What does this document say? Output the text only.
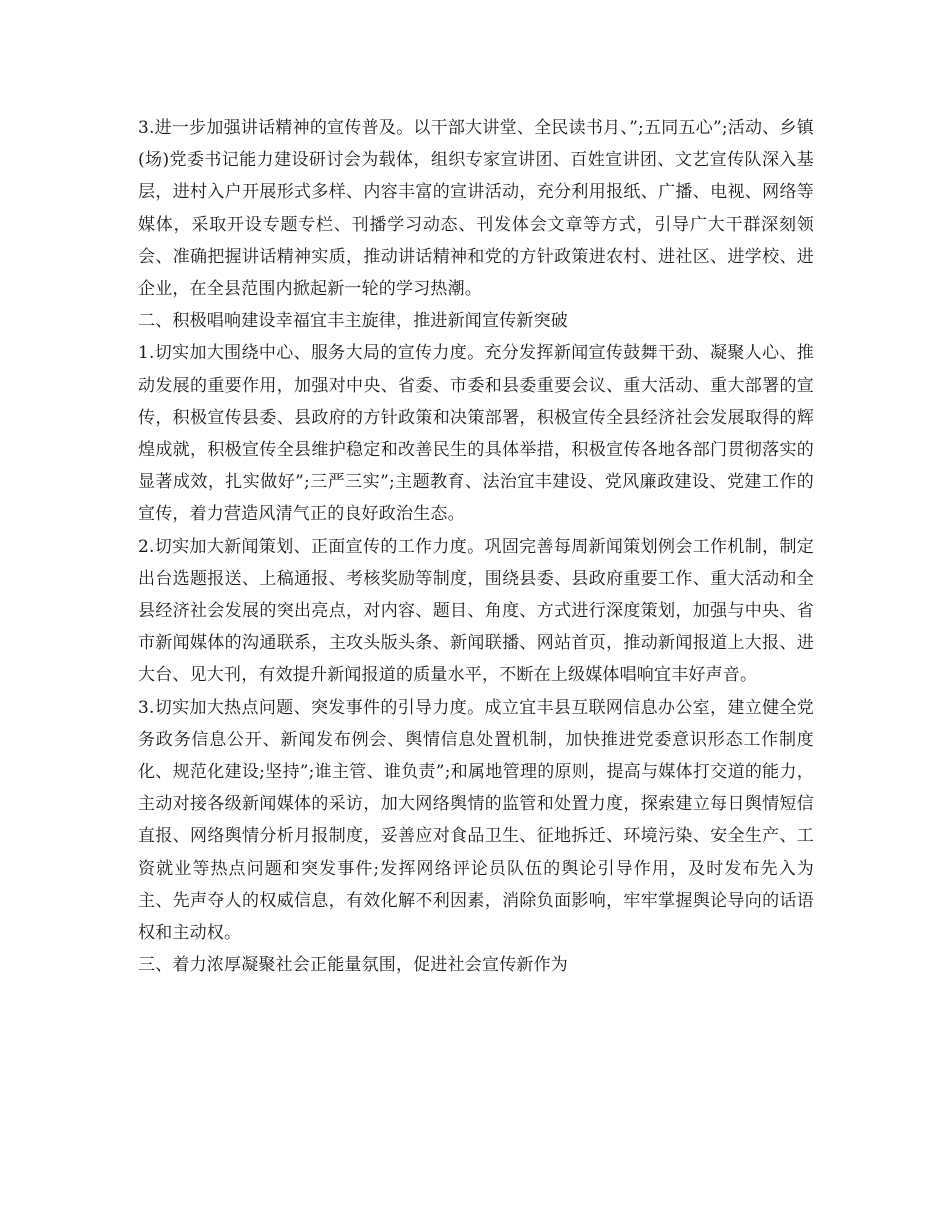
3.进一步加强讲话精神的宣传普及。以干部大讲堂、全民读书月、”;五同五心”;活动、乡镇(场)党委书记能力建设研讨会为载体，组织专家宣讲团、百姓宣讲团、文艺宣传队深入基层，进村入户开展形式多样、内容丰富的宣讲活动，充分利用报纸、广播、电视、网络等媒体，采取开设专题专栏、刊播学习动态、刊发体会文章等方式，引导广大干群深刻领会、准确把握讲话精神实质，推动讲话精神和党的方针政策进农村、进社区、进学校、进企业，在全县范围内掀起新一轮的学习热潮。

二、积极唱响建设幸福宜丰主旋律，推进新闻宣传新突破

1.切实加大围绕中心、服务大局的宣传力度。充分发挥新闻宣传鼓舞干劲、凝聚人心、推动发展的重要作用，加强对中央、省委、市委和县委重要会议、重大活动、重大部署的宣传，积极宣传县委、县政府的方针政策和决策部署，积极宣传全县经济社会发展取得的辉煌成就，积极宣传全县维护稳定和改善民生的具体举措，积极宣传各地各部门贯彻落实的显著成效，扎实做好”;三严三实”;主题教育、法治宜丰建设、党风廉政建设、党建工作的宣传，着力营造风清气正的良好政治生态。

2.切实加大新闻策划、正面宣传的工作力度。巩固完善每周新闻策划例会工作机制，制定出台选题报送、上稿通报、考核奖励等制度，围绕县委、县政府重要工作、重大活动和全县经济社会发展的突出亮点，对内容、题目、角度、方式进行深度策划，加强与中央、省市新闻媒体的沟通联系，主攻头版头条、新闻联播、网站首页，推动新闻报道上大报、进大台、见大刊，有效提升新闻报道的质量水平，不断在上级媒体唱响宜丰好声音。

3.切实加大热点问题、突发事件的引导力度。成立宜丰县互联网信息办公室，建立健全党务政务信息公开、新闻发布例会、舆情信息处置机制，加快推进党委意识形态工作制度化、规范化建设;坚持”;谁主管、谁负责”;和属地管理的原则，提高与媒体打交道的能力，主动对接各级新闻媒体的采访，加大网络舆情的监管和处置力度，探索建立每日舆情短信直报、网络舆情分析月报制度，妥善应对食品卫生、征地拆迁、环境污染、安全生产、工资就业等热点问题和突发事件;发挥网络评论员队伍的舆论引导作用，及时发布先入为主、先声夺人的权威信息，有效化解不利因素，消除负面影响，牢牢掌握舆论导向的话语权和主动权。

三、着力浓厚凝聚社会正能量氛围，促进社会宣传新作为
